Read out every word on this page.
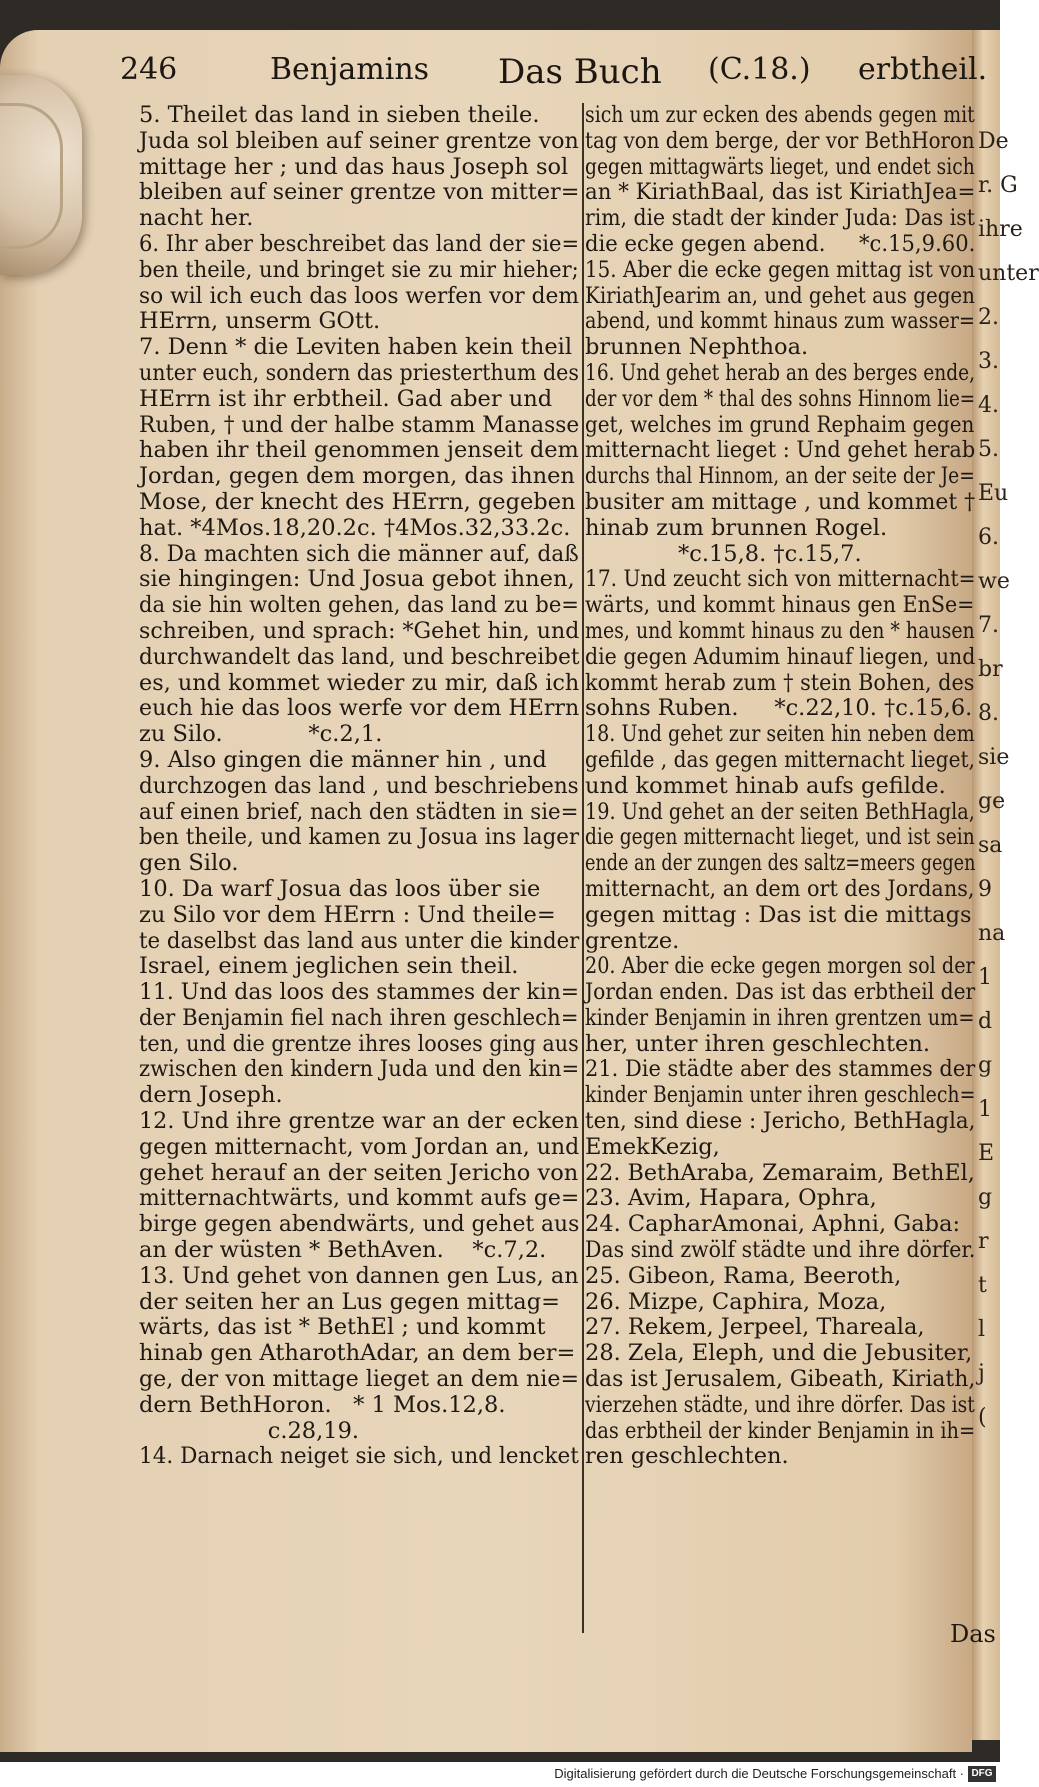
De
r. G
ihre
unter
2.
3.
4.
5.
Eu
6.
we
7.
br
8.
sie
ge
sa
9
na
1
d
g
1
E
g
r
t
l
j
(
246	Benjamins Das Buch (C.18.) erbtheil.

5. Theilet das land in sieben theile.

Juda sol bleiben auf seiner grentze von

mittage her ; und das haus Joseph sol

bleiben auf seiner grentze von mitter=

nacht her.

6. Ihr aber beschreibet das land der sie=

ben theile, und bringet sie zu mir hieher;

so wil ich euch das loos werfen vor dem

HErrn, unserm GOtt.

7. Denn * die Leviten haben kein theil

unter euch, sondern das priesterthum des

HErrn ist ihr erbtheil. Gad aber und

Ruben, † und der halbe stamm Manasse

haben ihr theil genommen jenseit dem

Jordan, gegen dem morgen, das ihnen

Mose, der knecht des HErrn, gegeben

hat. *4Mos.18,20.2c. †4Mos.32,33.2c.

8. Da machten sich die männer auf, daß

sie hingingen: Und Josua gebot ihnen,

da sie hin wolten gehen, das land zu be=

schreiben, und sprach: *Gehet hin, und

durchwandelt das land, und beschreibet

es, und kommet wieder zu mir, daß ich

euch hie das loos werfe vor dem HErrn

zu Silo.            *c.2,1.

9. Also gingen die männer hin , und

durchzogen das land , und beschriebens

auf einen brief, nach den städten in sie=

ben theile, und kamen zu Josua ins lager

gen Silo.

10. Da warf Josua das loos über sie

zu Silo vor dem HErrn : Und theile=

te daselbst das land aus unter die kinder

Israel, einem jeglichen sein theil.

11. Und das loos des stammes der kin=

der Benjamin fiel nach ihren geschlech=

ten, und die grentze ihres looses ging aus

zwischen den kindern Juda und den kin=

dern Joseph.

12. Und ihre grentze war an der ecken

gegen mitternacht, vom Jordan an, und

gehet herauf an der seiten Jericho von

mitternachtwärts, und kommt aufs ge=

birge gegen abendwärts, und gehet aus

an der wüsten * BethAven.    *c.7,2.

13. Und gehet von dannen gen Lus, an

der seiten her an Lus gegen mittag=

wärts, das ist * BethEl ; und kommt

hinab gen AtharothAdar, an dem ber=

ge, der von mittage lieget an dem nie=

dern BethHoron.   * 1 Mos.12,8.

c.28,19.

14. Darnach neiget sie sich, und lencket

sich um zur ecken des abends gegen mit

tag von dem berge, der vor BethHoron

gegen mittagwärts lieget, und endet sich

an * KiriathBaal, das ist KiriathJea=

rim, die stadt der kinder Juda: Das ist

die ecke gegen abend.     *c.15,9.60.

15. Aber die ecke gegen mittag ist von

KiriathJearim an, und gehet aus gegen

abend, und kommt hinaus zum wasser=

brunnen Nephthoa.

16. Und gehet herab an des berges ende,

der vor dem * thal des sohns Hinnom lie=

get, welches im grund Rephaim gegen

mitternacht lieget : Und gehet herab

durchs thal Hinnom, an der seite der Je=

busiter am mittage , und kommet †

hinab zum brunnen Rogel.

*c.15,8. †c.15,7.

17. Und zeucht sich von mitternacht=

wärts, und kommt hinaus gen EnSe=

mes, und kommt hinaus zu den * hausen

die gegen Adumim hinauf liegen, und

kommt herab zum † stein Bohen, des

sohns Ruben.     *c.22,10. †c.15,6.

18. Und gehet zur seiten hin neben dem

gefilde , das gegen mitternacht lieget,

und kommet hinab aufs gefilde.

19. Und gehet an der seiten BethHagla,

die gegen mitternacht lieget, und ist sein

ende an der zungen des saltz=meers gegen

mitternacht, an dem ort des Jordans,

gegen mittag : Das ist die mittags

grentze.

20. Aber die ecke gegen morgen sol der

Jordan enden. Das ist das erbtheil der

kinder Benjamin in ihren grentzen um=

her, unter ihren geschlechten.

21. Die städte aber des stammes der

kinder Benjamin unter ihren geschlech=

ten, sind diese : Jericho, BethHagla,

EmekKezig,

22. BethAraba, Zemaraim, BethEl,

23. Avim, Hapara, Ophra,

24. CapharAmonai, Aphni, Gaba:

Das sind zwölf städte und ihre dörfer.

25. Gibeon, Rama, Beeroth,

26. Mizpe, Caphira, Moza,

27. Rekem, Jerpeel, Thareala,

28. Zela, Eleph, und die Jebusiter,

das ist Jerusalem, Gibeath, Kiriath,

vierzehen städte, und ihre dörfer. Das ist

das erbtheil der kinder Benjamin in ih=

ren geschlechten.

Das
Digitalisierung gefördert durch die Deutsche Forschungsgemeinschaft · DFG
